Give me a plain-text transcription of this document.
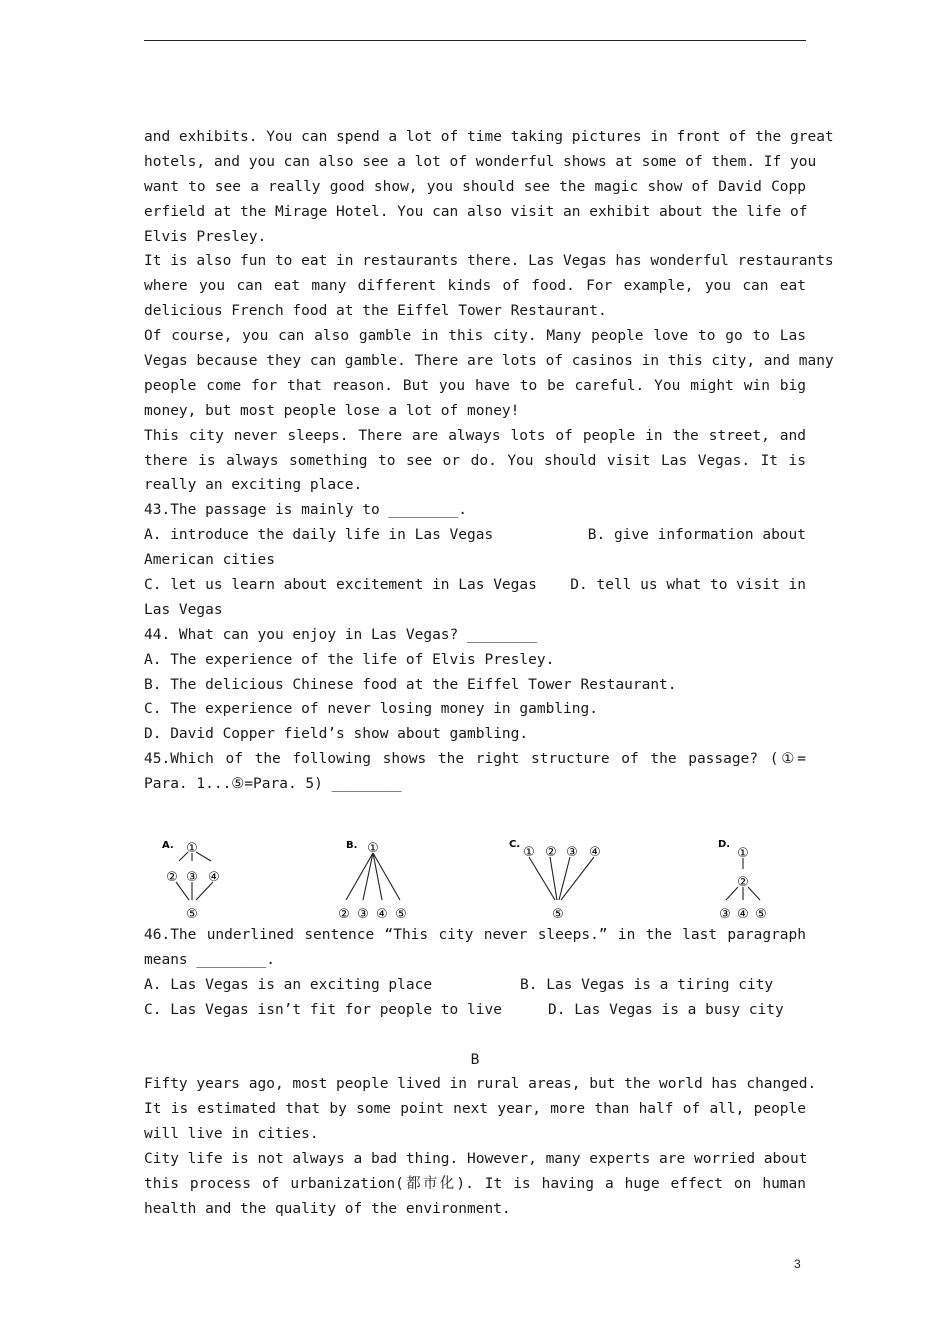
and exhibits. You can spend a lot of time taking pictures in front of the great
hotels, and you can also see a lot of wonderful shows at some of them. If you
want to see a really good show, you should see the magic show of David Copp
erfield at the Mirage Hotel. You can also visit an exhibit about the life of
Elvis Presley.
It is also fun to eat in restaurants there. Las Vegas has wonderful restaurants
where you can eat many different kinds of food. For example, you can eat
delicious French food at the Eiffel Tower Restaurant.
Of course, you can also gamble in this city. Many people love to go to Las
Vegas because they can gamble. There are lots of casinos in this city, and many
people come for that reason. But you have to be careful. You might win big
money, but most people lose a lot of money!
This city never sleeps. There are always lots of people in the street, and
there is always something to see or do. You should visit Las Vegas. It is
really an exciting place.
43.The passage is mainly to ________.
A. introduce the daily life in Las Vegas	B. give information about
American cities
C. let us learn about excitement in Las Vegas D. tell us what to visit in
Las Vegas
44. What can you enjoy in Las Vegas? ________
A. The experience of the life of Elvis Presley.
B. The delicious Chinese food at the Eiffel Tower Restaurant.
C. The experience of never losing money in gambling.
D. David Copper field’s show about gambling.
45.Which of the following shows the right structure of the passage? (①=
Para. 1...⑤=Para. 5) ________
A. ①
② ③ ④
⑤
B. ①
② ③ ④ ⑤
C.
① ② ③ ④
⑤
D.
①
②
③ ④ ⑤
46.The underlined sentence “This city never sleeps.” in the last paragraph
means ________.
A. Las Vegas is an exciting place	B. Las Vegas is a tiring city
C. Las Vegas isn’t fit for people to live	D. Las Vegas is a busy city
B
Fifty years ago, most people lived in rural areas, but the world has changed.
It is estimated that by some point next year, more than half of all, people
will live in cities.
City life is not always a bad thing. However, many experts are worried about
this process of urbanization(都市化). It is having a huge effect on human
health and the quality of the environment.
3
